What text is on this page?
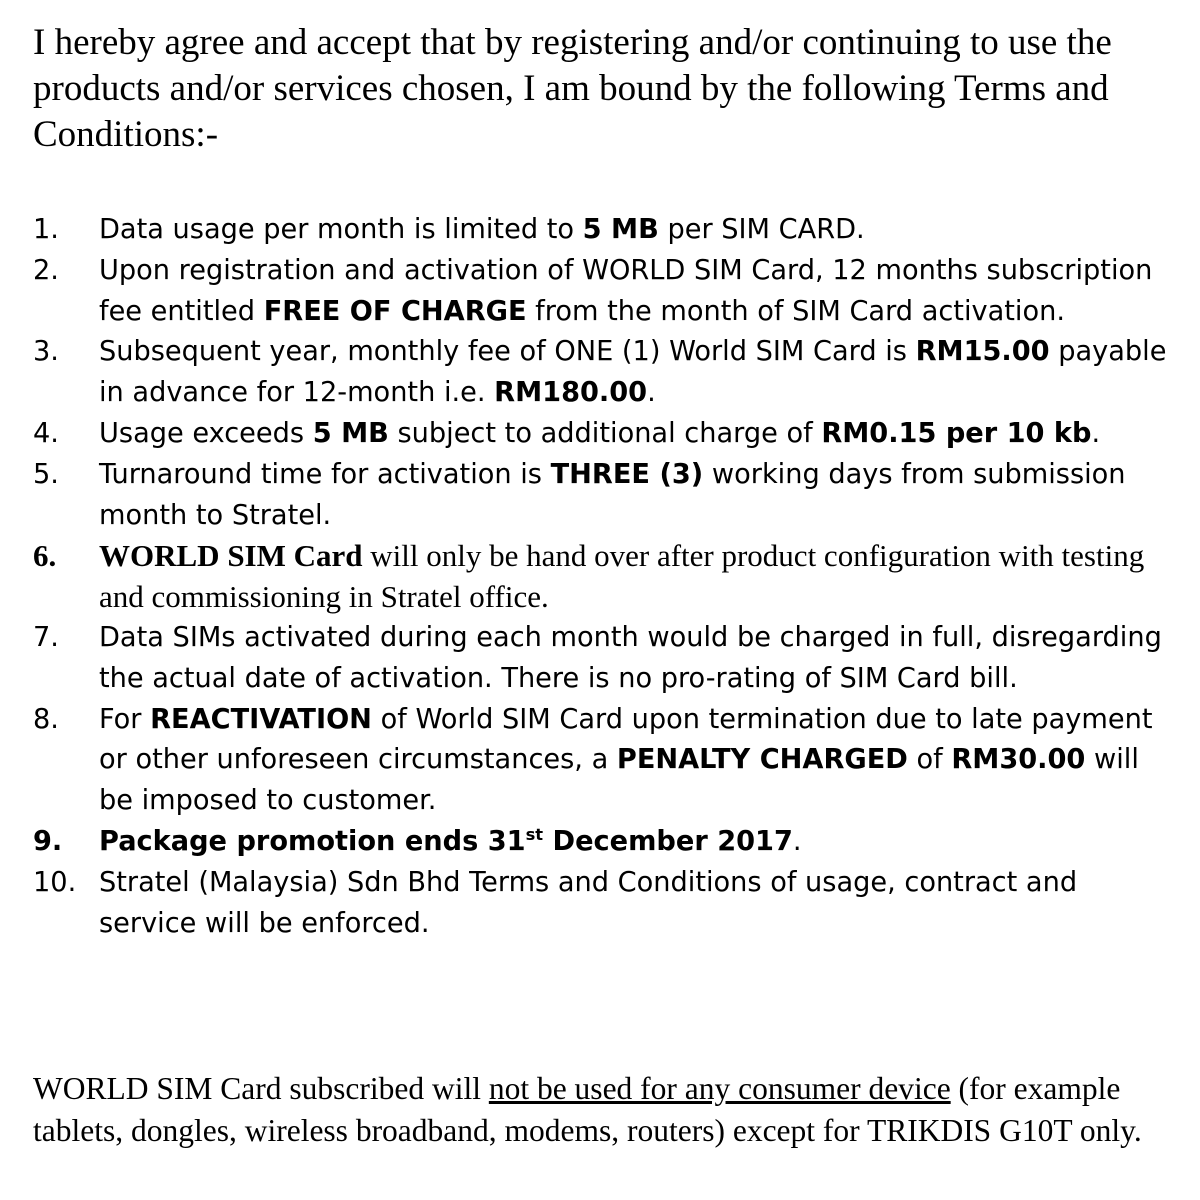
I hereby agree and accept that by registering and/or continuing to use the products and/or services chosen, I am bound by the following Terms and Conditions:-
1. Data usage per month is limited to 5 MB per SIM CARD.
2. Upon registration and activation of WORLD SIM Card, 12 months subscription fee entitled FREE OF CHARGE from the month of SIM Card activation.
3. Subsequent year, monthly fee of ONE (1) World SIM Card is RM15.00 payable in advance for 12-month i.e. RM180.00.
4. Usage exceeds 5 MB subject to additional charge of RM0.15 per 10 kb.
5. Turnaround time for activation is THREE (3) working days from submission month to Stratel.
6. WORLD SIM Card will only be hand over after product configuration with testing and commissioning in Stratel office.
7. Data SIMs activated during each month would be charged in full, disregarding the actual date of activation. There is no pro-rating of SIM Card bill.
8. For REACTIVATION of World SIM Card upon termination due to late payment or other unforeseen circumstances, a PENALTY CHARGED of RM30.00 will be imposed to customer.
9. Package promotion ends 31st December 2017.
10. Stratel (Malaysia) Sdn Bhd Terms and Conditions of usage, contract and service will be enforced.
WORLD SIM Card subscribed will not be used for any consumer device (for example tablets, dongles, wireless broadband, modems, routers) except for TRIKDIS G10T only.
